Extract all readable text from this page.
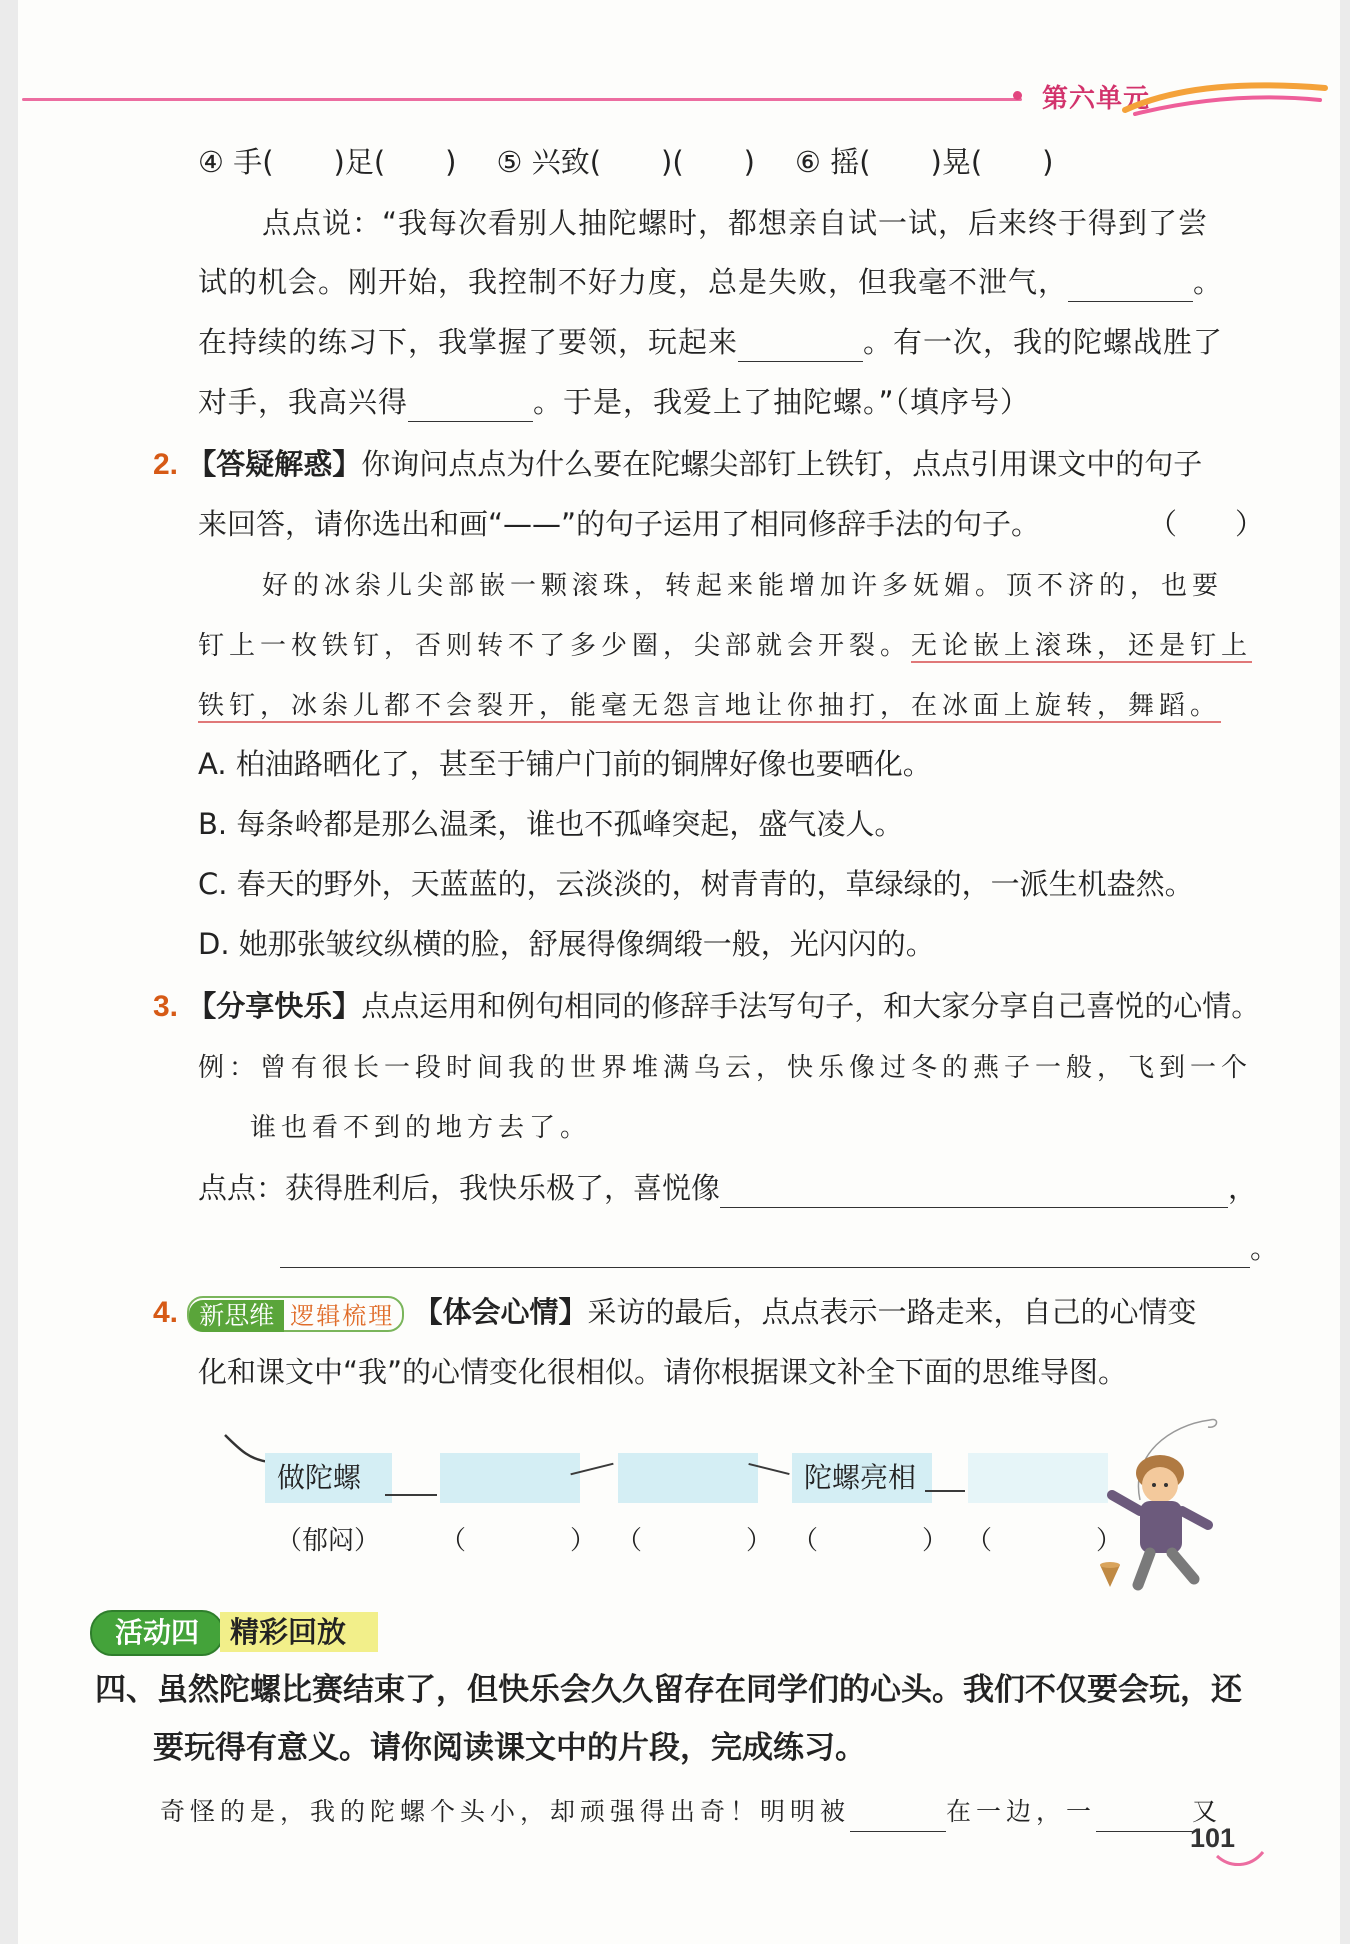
第六单元
④ 手( )足( ) ⑤ 兴致( )( ) ⑥ 摇( )晃( )
点点说：“我每次看别人抽陀螺时，都想亲自试一试，后来终于得到了尝
试的机会。刚开始，我控制不好力度，总是失败，但我毫不泄气，	。
在持续的练习下，我掌握了要领，玩起来	。有一次，我的陀螺战胜了
对手，我高兴得	。于是，我爱上了抽陀螺。”（填序号）
2. 【答疑解惑】你询问点点为什么要在陀螺尖部钉上铁钉，点点引用课文中的句子
来回答，请你选出和画“——”的句子运用了相同修辞手法的句子。	（　　）
好的冰尜儿尖部嵌一颗滚珠，转起来能增加许多妩媚。顶不济的，也要
钉上一枚铁钉，否则转不了多少圈，尖部就会开裂。无论嵌上滚珠，还是钉上
铁钉，冰尜儿都不会裂开，能毫无怨言地让你抽打，在冰面上旋转，舞蹈。
A. 柏油路晒化了，甚至于铺户门前的铜牌好像也要晒化。
B. 每条岭都是那么温柔，谁也不孤峰突起，盛气凌人。
C. 春天的野外，天蓝蓝的，云淡淡的，树青青的，草绿绿的，一派生机盎然。
D. 她那张皱纹纵横的脸，舒展得像绸缎一般，光闪闪的。
3. 【分享快乐】点点运用和例句相同的修辞手法写句子，和大家分享自己喜悦的心情。
例：曾有很长一段时间我的世界堆满乌云，快乐像过冬的燕子一般，飞到一个
谁也看不到的地方去了。
点点：获得胜利后，我快乐极了，喜悦像	，
。
4. 新思维 逻辑梳理 【体会心情】采访的最后，点点表示一路走来，自己的心情变
化和课文中“我”的心情变化很相似。请你根据课文补全下面的思维导图。
做陀螺	陀螺亮相
（郁闷） （　　　　） （　　　　） （　　　　） （　　　　）
活动四	精彩回放
四、虽然陀螺比赛结束了，但快乐会久久留存在同学们的心头。我们不仅要会玩，还
要玩得有意义。请你阅读课文中的片段，完成练习。
奇怪的是，我的陀螺个头小，却顽强得出奇！明明被	在一边，一	又
101
